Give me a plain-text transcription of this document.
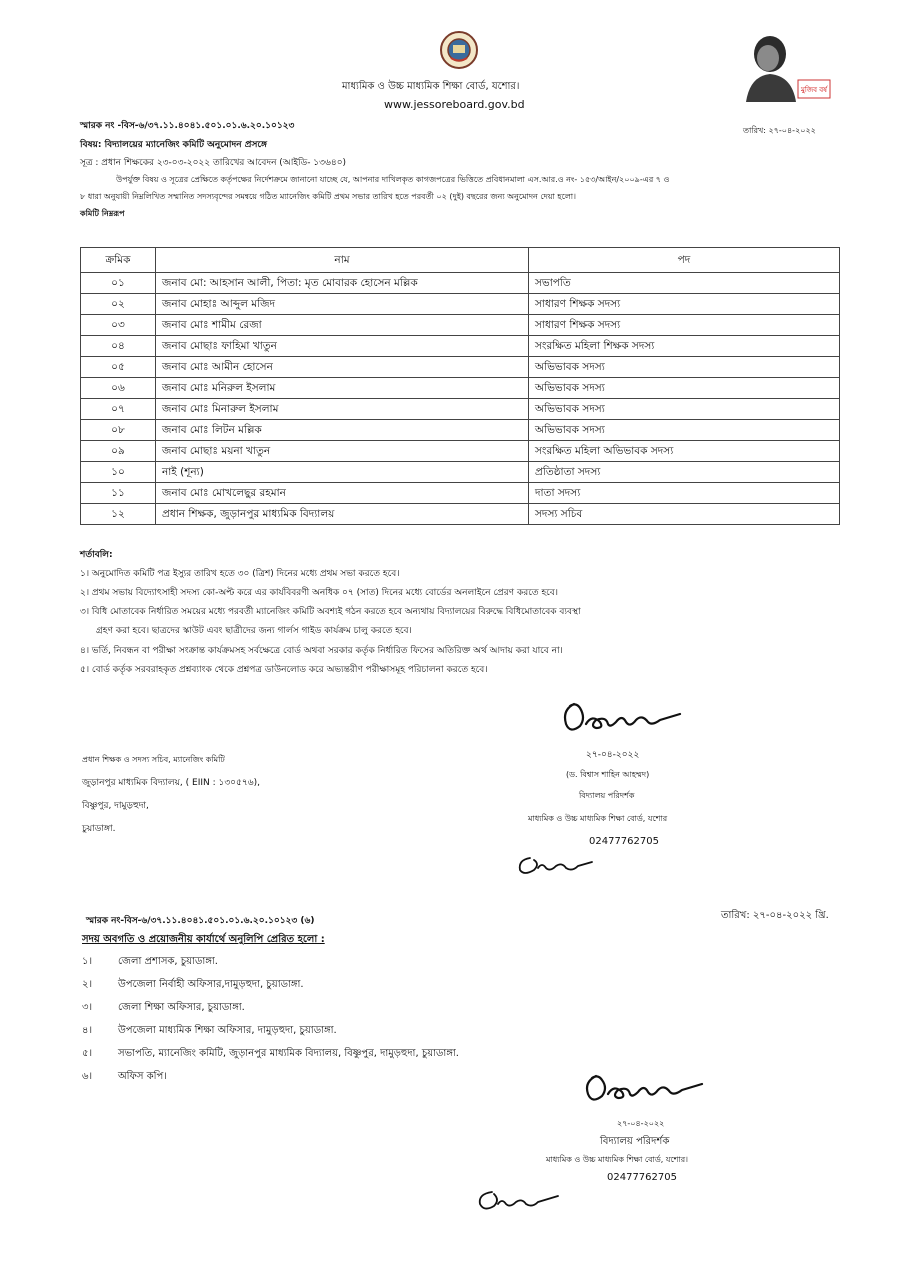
মুজিব বর্ষ
মাধ্যমিক ও উচ্চ মাধ্যমিক শিক্ষা বোর্ড, যশোর।
www.jessoreboard.gov.bd
স্মারক নং -বিস-৬/৩৭.১১.৪০৪১.৫০১.০১.৬.২০.১০১২৩	তারিখ: ২৭-০৪-২০২২
বিষয়: বিদ্যালয়ের ম্যানেজিং কমিটি অনুমোদন প্রসঙ্গে
সূত্র : প্রধান শিক্ষকের ২৩-০৩-২০২২ তারিখের আবেদন (আইডি- ১৩৬৪০)
উপর্যুক্ত বিষয় ও সূত্রের প্রেক্ষিতে কর্তৃপক্ষের নির্দেশক্রমে জানানো যাচ্ছে যে, আপনার দাখিলকৃত কাগজপত্রের ভিত্তিতে প্রবিধানমালা এস.আর.ও নং- ১৫৩/আইন/২০০৯-এর ৭ ও
৮ ধারা অনুযায়ী নিম্নলিখিত সম্মানিত সদস্যবৃন্দের সমন্বয়ে গঠিত ম্যানেজিং কমিটি প্রথম সভার তারিখ হতে পরবর্তী ০২ (দুই) বছরের জন্য অনুমোদন দেয়া হলো।
কমিটি নিম্নরূপ
ক্রমিক	নাম	পদ
০১	জনাব মো: আহসান আলী, পিতা: মৃত মোবারক হোসেন মল্লিক	সভাপতি
০২	জনাব মোহাঃ আব্দুল মজিদ	সাধারণ শিক্ষক সদস্য
০৩	জনাব মোঃ শামীম রেজা	সাধারণ শিক্ষক সদস্য
০৪	জনাব মোছাঃ ফাহিমা খাতুন	সংরক্ষিত মহিলা শিক্ষক সদস্য
০৫	জনাব মোঃ আমীন হোসেন	অভিভাবক সদস্য
০৬	জনাব মোঃ মনিরুল ইসলাম	অভিভাবক সদস্য
০৭	জনাব মোঃ মিনারুল ইসলাম	অভিভাবক সদস্য
০৮	জনাব মোঃ লিটন মল্লিক	অভিভাবক সদস্য
০৯	জনাব মোছাঃ ময়না খাতুন	সংরক্ষিত মহিলা অভিভাবক সদস্য
১০	নাই (শূন্য)	প্রতিষ্ঠাতা সদস্য
১১	জনাব মোঃ মোখলেছুর রহমান	দাতা সদস্য
১২	প্রধান শিক্ষক, জুড়ানপুর মাধ্যমিক বিদ্যালয়	সদস্য সচিব
শর্তাবলি:
১। অনুমোদিত কমিটি পত্র ইস্যুর তারিখ হতে ৩০ (ত্রিশ) দিনের মধ্যে প্রথম সভা করতে হবে।
২। প্রথম সভায় বিদ্যোৎসাহী সদস্য কো-অপ্ট করে এর কার্যবিবরণী অনধিক ০৭ (সাত) দিনের মধ্যে বোর্ডের অনলাইনে প্রেরণ করতে হবে।
৩। বিধি মোতাবেক নির্ধারিত সময়ের মধ্যে পরবর্তী ম্যানেজিং কমিটি অবশ্যই গঠন করতে হবে অন্যথায় বিদ্যালয়ের বিরুদ্ধে বিধিমোতাবেক ব্যবস্থা
গ্রহণ করা হবে। ছাত্রদের স্কাউট এবং ছাত্রীদের জন্য গার্লস গাইড কার্যক্রম চালু করতে হবে।
৪। ভর্তি, নিবন্ধন বা পরীক্ষা সংক্রান্ত কার্যক্রমসহ সর্বক্ষেত্রে বোর্ড অথবা সরকার কর্তৃক নির্ধারিত ফিসের অতিরিক্ত অর্থ আদায় করা যাবে না।
৫। বোর্ড কর্তৃক সরবরাহকৃত প্রশ্নব্যাংক থেকে প্রশ্নপত্র ডাউনলোড করে অভ্যন্তরীণ পরীক্ষাসমূহ পরিচালনা করতে হবে।
২৭-০৪-২০২২
(ড. বিশ্বাস শাহিন আহম্মদ)
বিদ্যালয় পরিদর্শক
মাধ্যমিক ও উচ্চ মাধ্যমিক শিক্ষা বোর্ড, যশোর
02477762705
প্রধান শিক্ষক ও সদস্য সচিব, ম্যানেজিং কমিটি
জুড়ানপুর মাধ্যমিক বিদ্যালয়, ( EIIN : ১৩০৫৭৬),
বিষ্ণুপুর, দামুড়হুদা,
চুয়াডাঙ্গা.
স্মারক নং-বিস-৬/৩৭.১১.৪০৪১.৫০১.০১.৬.২০.১০১২৩ (৬)	তারিখ: ২৭-০৪-২০২২ খ্রি.
সদয় অবগতি ও প্রয়োজনীয় কার্যার্থে অনুলিপি প্রেরিত হলো :
১।	জেলা প্রশাসক, চুয়াডাঙ্গা.
২।	উপজেলা নির্বাহী অফিসার,দামুড়হুদা, চুয়াডাঙ্গা.
৩।	জেলা শিক্ষা অফিসার, চুয়াডাঙ্গা.
৪।	উপজেলা মাধ্যমিক শিক্ষা অফিসার, দামুড়হুদা, চুয়াডাঙ্গা.
৫।	সভাপতি, ম্যানেজিং কমিটি, জুড়ানপুর মাধ্যমিক বিদ্যালয়, বিষ্ণুপুর, দামুড়হুদা, চুয়াডাঙ্গা.
৬।	অফিস কপি।
২৭-০৪-২০২২
বিদ্যালয় পরিদর্শক
মাধ্যমিক ও উচ্চ মাধ্যমিক শিক্ষা বোর্ড, যশোর।
02477762705
